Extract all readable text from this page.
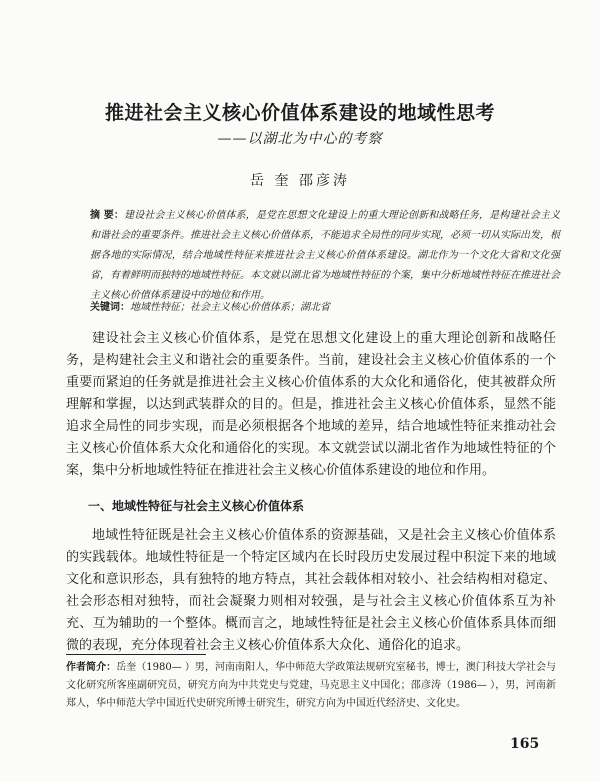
推进社会主义核心价值体系建设的地域性思考
——以湖北为中心的考察
岳 奎 邵彦涛
摘 要：建设社会主义核心价值体系，是党在思想文化建设上的重大理论创新和战略任务，是构建社会主义和谐社会的重要条件。推进社会主义核心价值体系，不能追求全局性的同步实现，必须一切从实际出发，根据各地的实际情况，结合地域性特征来推进社会主义核心价值体系建设。湖北作为一个文化大省和文化强省，有着鲜明而独特的地域性特征。本文就以湖北省为地域性特征的个案，集中分析地域性特征在推进社会主义核心价值体系建设中的地位和作用。
关键词：地域性特征；社会主义核心价值体系；湖北省

建设社会主义核心价值体系，是党在思想文化建设上的重大理论创新和战略任务，是构建社会主义和谐社会的重要条件。当前，建设社会主义核心价值体系的一个重要而紧迫的任务就是推进社会主义核心价值体系的大众化和通俗化，使其被群众所理解和掌握，以达到武装群众的目的。但是，推进社会主义核心价值体系，显然不能追求全局性的同步实现，而是必须根据各个地域的差异，结合地域性特征来推动社会主义核心价值体系大众化和通俗化的实现。本文就尝试以湖北省作为地域性特征的个案，集中分析地域性特征在推进社会主义核心价值体系建设的地位和作用。

一、地域性特征与社会主义核心价值体系

地域性特征既是社会主义核心价值体系的资源基础，又是社会主义核心价值体系的实践载体。地域性特征是一个特定区域内在长时段历史发展过程中积淀下来的地域文化和意识形态，具有独特的地方特点，其社会载体相对较小、社会结构相对稳定、社会形态相对独特，而社会凝聚力则相对较强，是与社会主义核心价值体系互为补充、互为辅助的一个整体。概而言之，地域性特征是社会主义核心价值体系具体而细微的表现，充分体现着社会主义核心价值体系大众化、通俗化的追求。

作者简介：岳奎（1980— ）男，河南南阳人，华中师范大学政策法规研究室秘书，博士，澳门科技大学社会与文化研究所客座副研究员，研究方向为中共党史与党建，马克思主义中国化；邵彦涛（1986— ），男，河南新郑人，华中师范大学中国近代史研究所博士研究生，研究方向为中国近代经济史、文化史。
165
